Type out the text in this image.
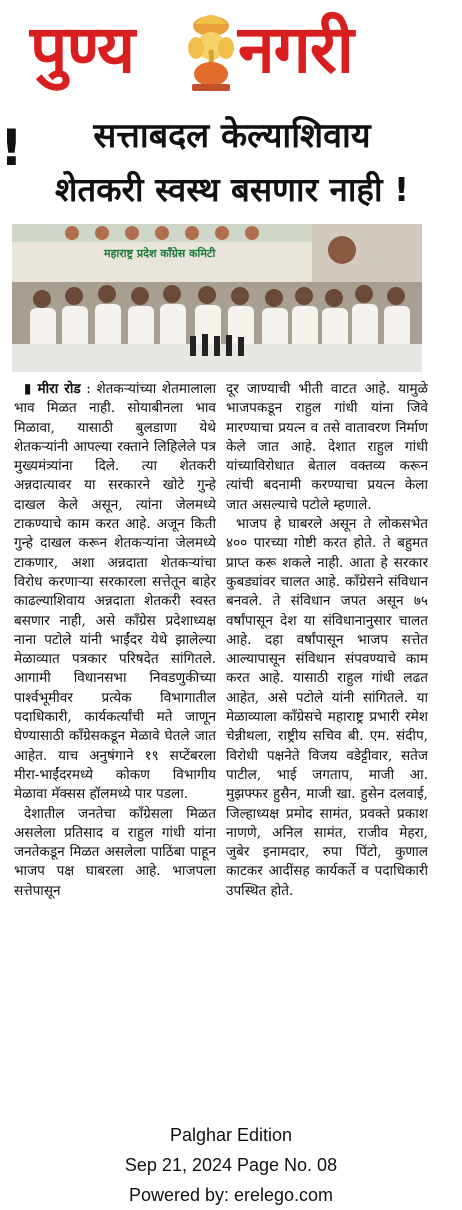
पुण्य नगरी
!	सत्ताबदल केल्याशिवाय
शेतकरी स्वस्थ बसणार नाही !
महाराष्ट्र प्रदेश काँग्रेस कमिटी

▮ मीरा रोड : शेतकऱ्यांच्या शेतमालाला भाव मिळत नाही. सोयाबीनला भाव मिळावा, यासाठी बुलडाणा येथे शेतकऱ्यांनी आपल्या रक्ताने लिहिलेले पत्र मुख्यमंत्र्यांना दिले. त्या शेतकरी अन्नदात्यावर या सरकारने खोटे गुन्हे दाखल केले असून, त्यांना जेलमध्ये टाकण्याचे काम करत आहे. अजून किती गुन्हे दाखल करून शेतकऱ्यांना जेलमध्ये टाकणार, अशा अन्नदाता शेतकऱ्यांचा विरोध करणाऱ्या सरकारला सत्तेतून बाहेर काढल्याशिवाय अन्नदाता शेतकरी स्वस्त बसणार नाही, असे काँग्रेस प्रदेशाध्यक्ष नाना पटोले यांनी भाईंदर येथे झालेल्या मेळाव्यात पत्रकार परिषदेत सांगितले. आगामी विधानसभा निवडणुकीच्या पार्श्वभूमीवर प्रत्येक विभागातील पदाधिकारी, कार्यकर्त्यांची मते जाणून घेण्यासाठी काँग्रेसकडून मेळावे घेतले जात आहेत. याच अनुषंगाने १९ सप्टेंबरला मीरा-भाईंदरमध्ये कोकण विभागीय मेळावा मॅक्सस हॉलमध्ये पार पडला.

देशातील जनतेचा काँग्रेसला मिळत असलेला प्रतिसाद व राहुल गांधी यांना जनतेकडून मिळत असलेला पाठिंबा पाहून भाजप पक्ष घाबरला आहे. भाजपला सत्तेपासून

दूर जाण्याची भीती वाटत आहे. यामुळे भाजपकडून राहुल गांधी यांना जिवे मारण्याचा प्रयत्न व तसे वातावरण निर्माण केले जात आहे. देशात राहुल गांधी यांच्याविरोधात बेताल वक्तव्य करून त्यांची बदनामी करण्याचा प्रयत्न केला जात असल्याचे पटोले म्हणाले.

भाजप हे घाबरले असून ते लोकसभेत ४०० पारच्या गोष्टी करत होते. ते बहुमत प्राप्त करू शकले नाही. आता हे सरकार कुबड्यांवर चालत आहे. काँग्रेसने संविधान बनवले. ते संविधान जपत असून ७५ वर्षांपासून देश या संविधानानुसार चालत आहे. दहा वर्षांपासून भाजप सत्तेत आल्यापासून संविधान संपवण्याचे काम करत आहे. यासाठी राहुल गांधी लढत आहेत, असे पटोले यांनी सांगितले. या मेळाव्याला काँग्रेसचे महाराष्ट्र प्रभारी रमेश चेन्नीथला, राष्ट्रीय सचिव बी. एम. संदीप, विरोधी पक्षनेते विजय वडेट्टीवार, सतेज पाटील, भाई जगताप, माजी आ. मुझफ्फर हुसैन, माजी खा. हुसेन दलवाई, जिल्हाध्यक्ष प्रमोद सामंत, प्रवक्ते प्रकाश नाणणे, अनिल सामंत, राजीव मेहरा, जुबेर इनामदार, रुपा पिंटो, कुणाल काटकर आदींसह कार्यकर्ते व पदाधिकारी उपस्थित होते.

Palghar Edition
Sep 21, 2024 Page No. 08
Powered by: erelego.com
